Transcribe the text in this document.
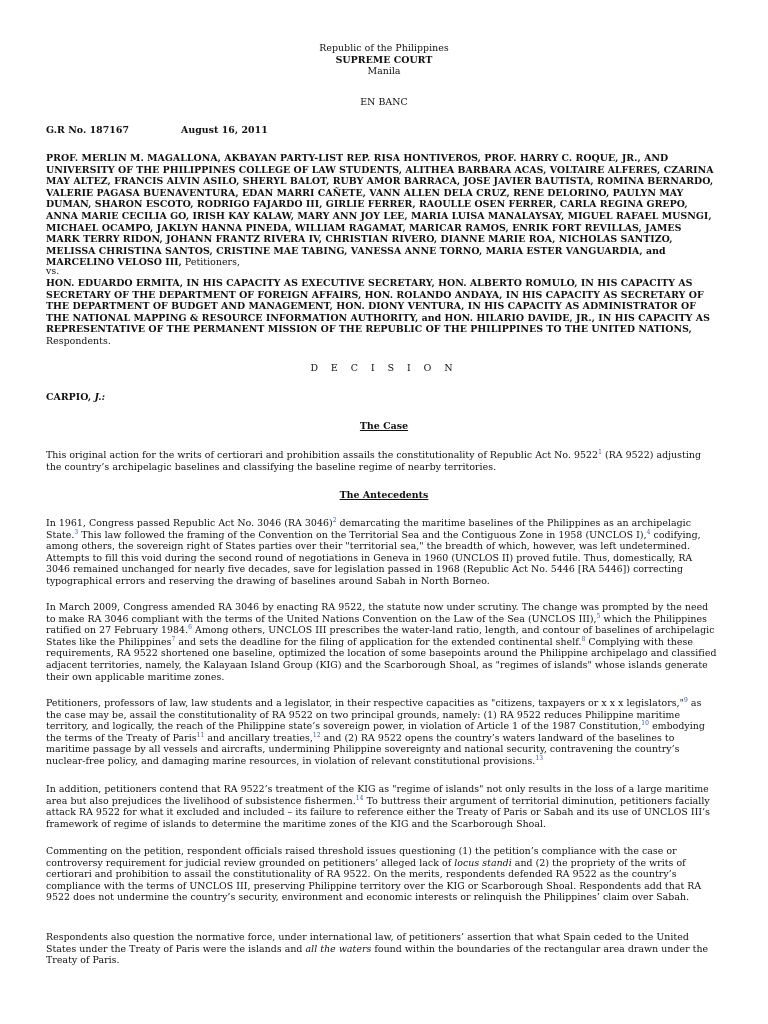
Republic of the Philippines
SUPREME COURT
Manila
EN BANC
G.R No. 187167	August 16, 2011
PROF. MERLIN M. MAGALLONA, AKBAYAN PARTY-LIST REP. RISA HONTIVEROS, PROF. HARRY C. ROQUE, JR., AND UNIVERSITY OF THE PHILIPPINES COLLEGE OF LAW STUDENTS, ALITHEA BARBARA ACAS, VOLTAIRE ALFERES, CZARINA MAY ALTEZ, FRANCIS ALVIN ASILO, SHERYL BALOT, RUBY AMOR BARRACA, JOSE JAVIER BAUTISTA, ROMINA BERNARDO, VALERIE PAGASA BUENAVENTURA, EDAN MARRI CAÑETE, VANN ALLEN DELA CRUZ, RENE DELORINO, PAULYN MAY DUMAN, SHARON ESCOTO, RODRIGO FAJARDO III, GIRLIE FERRER, RAOULLE OSEN FERRER, CARLA REGINA GREPO, ANNA MARIE CECILIA GO, IRISH KAY KALAW, MARY ANN JOY LEE, MARIA LUISA MANALAYSAY, MIGUEL RAFAEL MUSNGI, MICHAEL OCAMPO, JAKLYN HANNA PINEDA, WILLIAM RAGAMAT, MARICAR RAMOS, ENRIK FORT REVILLAS, JAMES MARK TERRY RIDON, JOHANN FRANTZ RIVERA IV, CHRISTIAN RIVERO, DIANNE MARIE ROA, NICHOLAS SANTIZO, MELISSA CHRISTINA SANTOS, CRISTINE MAE TABING, VANESSA ANNE TORNO, MARIA ESTER VANGUARDIA, and MARCELINO VELOSO III, Petitioners,
vs.
HON. EDUARDO ERMITA, IN HIS CAPACITY AS EXECUTIVE SECRETARY, HON. ALBERTO ROMULO, IN HIS CAPACITY AS SECRETARY OF THE DEPARTMENT OF FOREIGN AFFAIRS, HON. ROLANDO ANDAYA, IN HIS CAPACITY AS SECRETARY OF THE DEPARTMENT OF BUDGET AND MANAGEMENT, HON. DIONY VENTURA, IN HIS CAPACITY AS ADMINISTRATOR OF THE NATIONAL MAPPING & RESOURCE INFORMATION AUTHORITY, and HON. HILARIO DAVIDE, JR., IN HIS CAPACITY AS REPRESENTATIVE OF THE PERMANENT MISSION OF THE REPUBLIC OF THE PHILIPPINES TO THE UNITED NATIONS, Respondents.
D E C I S I O N
CARPIO, J.:
The Case
This original action for the writs of certiorari and prohibition assails the constitutionality of Republic Act No. 9522$^1$ (RA 9522) adjusting the country’s archipelagic baselines and classifying the baseline regime of nearby territories.
The Antecedents
In 1961, Congress passed Republic Act No. 3046 (RA 3046)$^2$ demarcating the maritime baselines of the Philippines as an archipelagic State.$^3$ This law followed the framing of the Convention on the Territorial Sea and the Contiguous Zone in 1958 (UNCLOS I),$^4$ codifying, among others, the sovereign right of States parties over their "territorial sea," the breadth of which, however, was left undetermined. Attempts to fill this void during the second round of negotiations in Geneva in 1960 (UNCLOS II) proved futile. Thus, domestically, RA 3046 remained unchanged for nearly five decades, save for legislation passed in 1968 (Republic Act No. 5446 [RA 5446]) correcting typographical errors and reserving the drawing of baselines around Sabah in North Borneo.
In March 2009, Congress amended RA 3046 by enacting RA 9522, the statute now under scrutiny. The change was prompted by the need to make RA 3046 compliant with the terms of the United Nations Convention on the Law of the Sea (UNCLOS III),$^5$ which the Philippines ratified on 27 February 1984.$^6$ Among others, UNCLOS III prescribes the water-land ratio, length, and contour of baselines of archipelagic States like the Philippines$^7$ and sets the deadline for the filing of application for the extended continental shelf.$^8$ Complying with these requirements, RA 9522 shortened one baseline, optimized the location of some basepoints around the Philippine archipelago and classified adjacent territories, namely, the Kalayaan Island Group (KIG) and the Scarborough Shoal, as "regimes of islands" whose islands generate their own applicable maritime zones.
Petitioners, professors of law, law students and a legislator, in their respective capacities as "citizens, taxpayers or x x x legislators,"$^9$ as the case may be, assail the constitutionality of RA 9522 on two principal grounds, namely: (1) RA 9522 reduces Philippine maritime territory, and logically, the reach of the Philippine state’s sovereign power, in violation of Article 1 of the 1987 Constitution,$^{10}$ embodying the terms of the Treaty of Paris$^{11}$ and ancillary treaties,$^{12}$ and (2) RA 9522 opens the country’s waters landward of the baselines to maritime passage by all vessels and aircrafts, undermining Philippine sovereignty and national security, contravening the country’s nuclear-free policy, and damaging marine resources, in violation of relevant constitutional provisions.$^{13}$
In addition, petitioners contend that RA 9522’s treatment of the KIG as "regime of islands" not only results in the loss of a large maritime area but also prejudices the livelihood of subsistence fishermen.$^{14}$ To buttress their argument of territorial diminution, petitioners facially attack RA 9522 for what it excluded and included – its failure to reference either the Treaty of Paris or Sabah and its use of UNCLOS III’s framework of regime of islands to determine the maritime zones of the KIG and the Scarborough Shoal.
Commenting on the petition, respondent officials raised threshold issues questioning (1) the petition’s compliance with the case or controversy requirement for judicial review grounded on petitioners’ alleged lack of locus standi and (2) the propriety of the writs of certiorari and prohibition to assail the constitutionality of RA 9522. On the merits, respondents defended RA 9522 as the country’s compliance with the terms of UNCLOS III, preserving Philippine territory over the KIG or Scarborough Shoal. Respondents add that RA 9522 does not undermine the country’s security, environment and economic interests or relinquish the Philippines’ claim over Sabah.
Respondents also question the normative force, under international law, of petitioners’ assertion that what Spain ceded to the United States under the Treaty of Paris were the islands and all the waters found within the boundaries of the rectangular area drawn under the Treaty of Paris.
